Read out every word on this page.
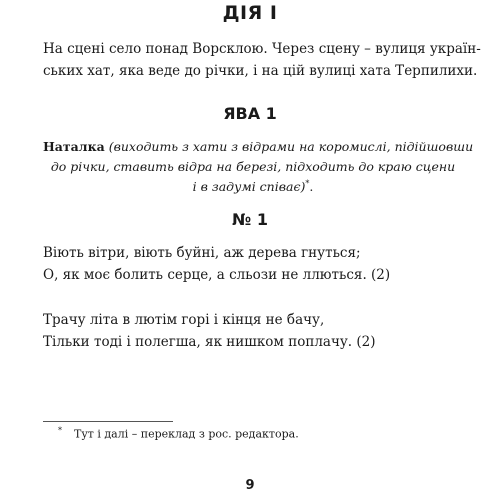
ДІЯ І

На сцені село понад Ворсклою. Через сцену – вулиця україн-
ських хат, яка веде до річки, і на цій вулиці хата Терпилихи.

ЯВА 1

Наталка (виходить з хати з відрами на коромислі, підійшовши
до річки, ставить відра на березі, підходить до краю сцени
і в задумі співає)*.

№ 1

Віють вітри, віють буйні, аж дерева гнуться;
О, як моє болить серце, а сльози не ллються. (2)

Трачу літа в лютім горі і кінця не бачу,
Тільки тоді і полегша, як нишком поплачу. (2)

* Тут і далі – переклад з рос. редактора.
9
